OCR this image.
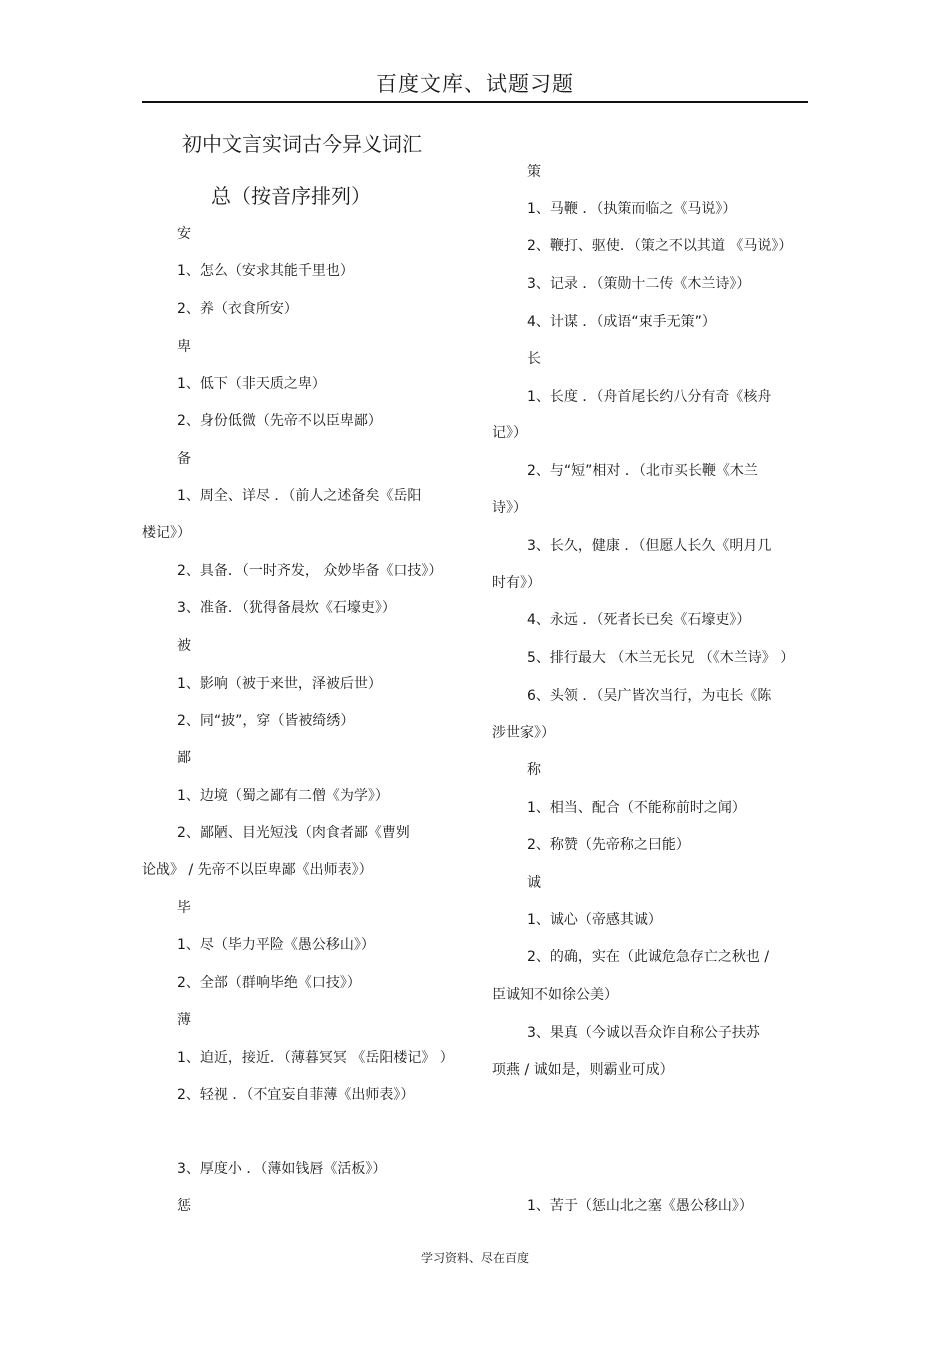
百度文库、试题习题
初中文言实词古今异义词汇
总（按音序排列）
安
1、怎么（安求其能千里也）
2、养（衣食所安）
卑
1、低下（非天质之卑）
2、身份低微（先帝不以臣卑鄙）
备
1、周全、详尽 ．（前人之述备矣《岳阳
楼记》）
2、具备．（一时齐发， 众妙毕备《口技》）
3、准备．（犹得备晨炊《石壕吏》）
被
1、影响（被于来世，泽被后世）
2、同“披”，穿（皆被绮绣）
鄙
1、边境（蜀之鄙有二僧《为学》）
2、鄙陋、目光短浅（肉食者鄙《曹刿
论战》 / 先帝不以臣卑鄙《出师表》）
毕
1、尽（毕力平险《愚公移山》）
2、全部（群响毕绝《口技》）
薄
1、迫近，接近．（薄暮冥冥 《岳阳楼记》 ）
2、轻视 ．（不宜妄自菲薄《出师表》）
3、厚度小 ．（薄如钱唇《活板》）
惩
策
1、马鞭 ．（执策而临之《马说》）
2、鞭打、驱使．（策之不以其道 《马说》）
3、记录 ．（策勋十二传《木兰诗》）
4、计谋 ．（成语“束手无策”）
长
1、长度 ．（舟首尾长约八分有奇《核舟
记》）
2、与“短”相对 ．（北市买长鞭《木兰
诗》）
3、长久，健康 ．（但愿人长久《明月几
时有》）
4、永远 ．（死者长已矣《石壕吏》）
5、排行最大 （木兰无长兄 （《木兰诗》 ）
6、头领 ．（吴广皆次当行，为屯长《陈
涉世家》）
称
1、相当、配合（不能称前时之闻）
2、称赞（先帝称之曰能）
诚
1、诚心（帝感其诚）
2、的确，实在（此诚危急存亡之秋也 /
臣诚知不如徐公美）
3、果真（今诚以吾众诈自称公子扶苏
项燕 / 诚如是，则霸业可成）
1、苦于（惩山北之塞《愚公移山》）
学习资料、尽在百度
